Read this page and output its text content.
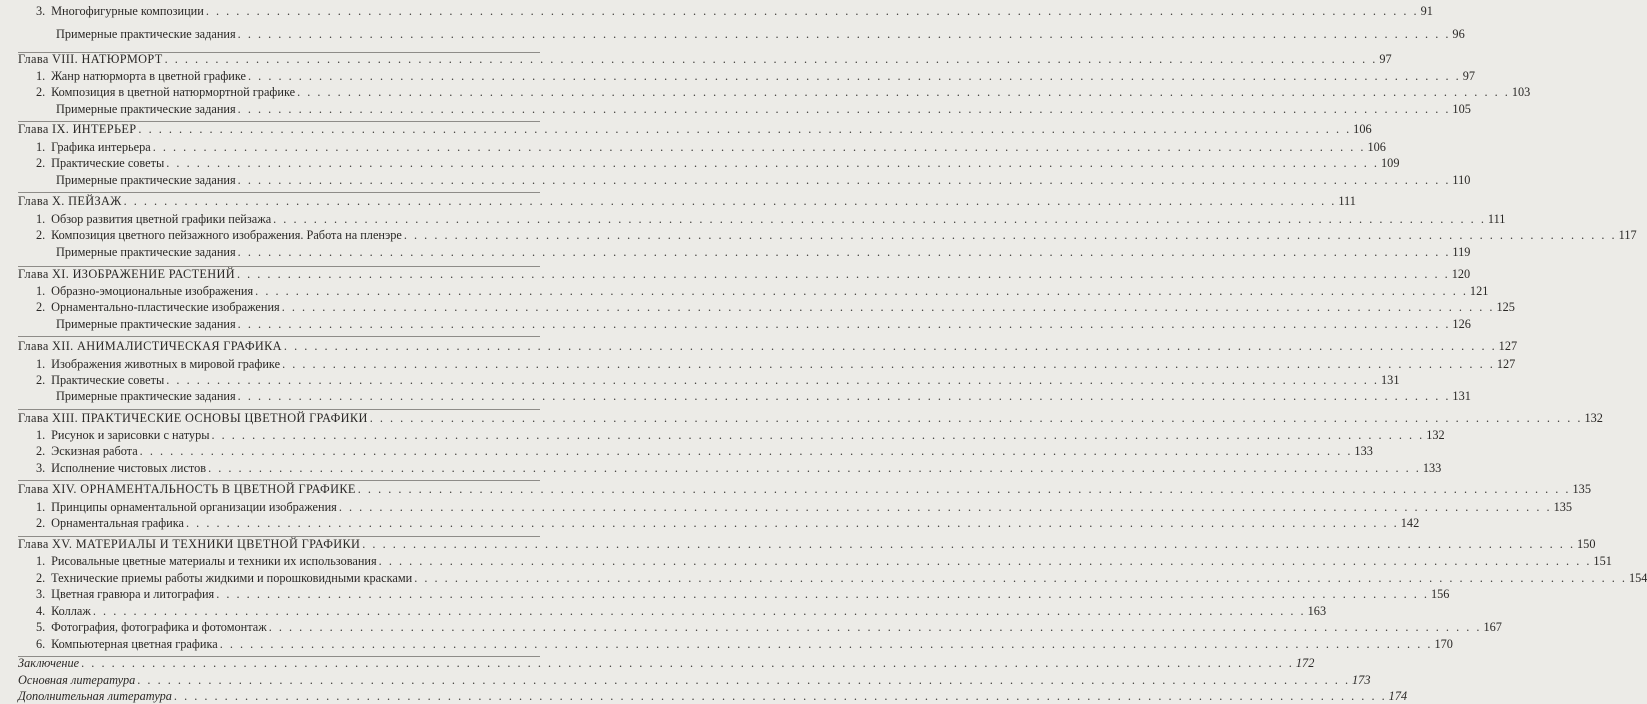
3. Многофигурные композиции . . . . . . . . . . . . . . . . . . . . . . . . . . . . . . . . . . . . . . . . . . . . . . . . . . . . . . . . . . . . . . . . . . . . . . . . . . . . . . . . . . . . . . . . . . . . . . . . . . . . . . . . . . . . . . . . . . . . . . . . 91
Примерные практические задания . . . . . . . . . . . . . . . . . . . . . . . . . . . . . . . . . . . . . . . . . . . . . . . . . . . . . . . . . . . . . . . . . . . . . . . . . . . . . . . . . . . . . . . . . . . . . . . . . . . . . . . . . . . . . . . . . . . . . . . . 96
Глава VIII. НАТЮРМОРТ . . . . . . . . . . . . . . . . . . . . . . . . . . . . . . . . . . . . . . . . . . . . . . . . . . . . . . . . . . . . . . . . . . . . . . . . . . . . . . . . . . . . . . . . . . . . . . . . . . . . . . . . . . . . . . . . . . . . . . . . 97
1. Жанр натюрморта в цветной графике . . . . . . . . . . . . . . . . . . . . . . . . . . . . . . . . . . . . . . . . . . . . . . . . . . . . . . . . . . . . . . . . . . . . . . . . . . . . . . . . . . . . . . . . . . . . . . . . . . . . . . . . . . . . . . . . . . . . . . . . 97
2. Композиция в цветной натюрмортной графике . . . . . . . . . . . . . . . . . . . . . . . . . . . . . . . . . . . . . . . . . . . . . . . . . . . . . . . . . . . . . . . . . . . . . . . . . . . . . . . . . . . . . . . . . . . . . . . . . . . . . . . . . . . . . . . . . . . . . . . . 103
Примерные практические задания . . . . . . . . . . . . . . . . . . . . . . . . . . . . . . . . . . . . . . . . . . . . . . . . . . . . . . . . . . . . . . . . . . . . . . . . . . . . . . . . . . . . . . . . . . . . . . . . . . . . . . . . . . . . . . . . . . . . . . . . 105
Глава IX. ИНТЕРЬЕР . . . . . . . . . . . . . . . . . . . . . . . . . . . . . . . . . . . . . . . . . . . . . . . . . . . . . . . . . . . . . . . . . . . . . . . . . . . . . . . . . . . . . . . . . . . . . . . . . . . . . . . . . . . . . . . . . . . . . . . . 106
1. Графика интерьера . . . . . . . . . . . . . . . . . . . . . . . . . . . . . . . . . . . . . . . . . . . . . . . . . . . . . . . . . . . . . . . . . . . . . . . . . . . . . . . . . . . . . . . . . . . . . . . . . . . . . . . . . . . . . . . . . . . . . . . . 106
2. Практические советы . . . . . . . . . . . . . . . . . . . . . . . . . . . . . . . . . . . . . . . . . . . . . . . . . . . . . . . . . . . . . . . . . . . . . . . . . . . . . . . . . . . . . . . . . . . . . . . . . . . . . . . . . . . . . . . . . . . . . . . . 109
Примерные практические задания . . . . . . . . . . . . . . . . . . . . . . . . . . . . . . . . . . . . . . . . . . . . . . . . . . . . . . . . . . . . . . . . . . . . . . . . . . . . . . . . . . . . . . . . . . . . . . . . . . . . . . . . . . . . . . . . . . . . . . . . 110
Глава X. ПЕЙЗАЖ . . . . . . . . . . . . . . . . . . . . . . . . . . . . . . . . . . . . . . . . . . . . . . . . . . . . . . . . . . . . . . . . . . . . . . . . . . . . . . . . . . . . . . . . . . . . . . . . . . . . . . . . . . . . . . . . . . . . . . . . 111
1. Обзор развития цветной графики пейзажа . . . . . . . . . . . . . . . . . . . . . . . . . . . . . . . . . . . . . . . . . . . . . . . . . . . . . . . . . . . . . . . . . . . . . . . . . . . . . . . . . . . . . . . . . . . . . . . . . . . . . . . . . . . . . . . . . . . . . . . . 111
2. Композиция цветного пейзажного изображения. Работа на пленэре . . . . . . . . . . . . . . . . . . . . . . . . . . . . . . . . . . . . . . . . . . . . . . . . . . . . . . . . . . . . . . . . . . . . . . . . . . . . . . . . . . . . . . . . . . . . . . . . . . . . . . . . . . . . . . . . . . . . . . . . 117
Примерные практические задания . . . . . . . . . . . . . . . . . . . . . . . . . . . . . . . . . . . . . . . . . . . . . . . . . . . . . . . . . . . . . . . . . . . . . . . . . . . . . . . . . . . . . . . . . . . . . . . . . . . . . . . . . . . . . . . . . . . . . . . . 119
Глава XI. ИЗОБРАЖЕНИЕ РАСТЕНИЙ . . . . . . . . . . . . . . . . . . . . . . . . . . . . . . . . . . . . . . . . . . . . . . . . . . . . . . . . . . . . . . . . . . . . . . . . . . . . . . . . . . . . . . . . . . . . . . . . . . . . . . . . . . . . . . . . . . . . . . . . 120
1. Образно-эмоциональные изображения . . . . . . . . . . . . . . . . . . . . . . . . . . . . . . . . . . . . . . . . . . . . . . . . . . . . . . . . . . . . . . . . . . . . . . . . . . . . . . . . . . . . . . . . . . . . . . . . . . . . . . . . . . . . . . . . . . . . . . . . 121
2. Орнаментально-пластические изображения . . . . . . . . . . . . . . . . . . . . . . . . . . . . . . . . . . . . . . . . . . . . . . . . . . . . . . . . . . . . . . . . . . . . . . . . . . . . . . . . . . . . . . . . . . . . . . . . . . . . . . . . . . . . . . . . . . . . . . . . 125
Примерные практические задания . . . . . . . . . . . . . . . . . . . . . . . . . . . . . . . . . . . . . . . . . . . . . . . . . . . . . . . . . . . . . . . . . . . . . . . . . . . . . . . . . . . . . . . . . . . . . . . . . . . . . . . . . . . . . . . . . . . . . . . . 126
Глава XII. АНИМАЛИСТИЧЕСКАЯ ГРАФИКА . . . . . . . . . . . . . . . . . . . . . . . . . . . . . . . . . . . . . . . . . . . . . . . . . . . . . . . . . . . . . . . . . . . . . . . . . . . . . . . . . . . . . . . . . . . . . . . . . . . . . . . . . . . . . . . . . . . . . . . . 127
1. Изображения животных в мировой графике . . . . . . . . . . . . . . . . . . . . . . . . . . . . . . . . . . . . . . . . . . . . . . . . . . . . . . . . . . . . . . . . . . . . . . . . . . . . . . . . . . . . . . . . . . . . . . . . . . . . . . . . . . . . . . . . . . . . . . . . 127
2. Практические советы . . . . . . . . . . . . . . . . . . . . . . . . . . . . . . . . . . . . . . . . . . . . . . . . . . . . . . . . . . . . . . . . . . . . . . . . . . . . . . . . . . . . . . . . . . . . . . . . . . . . . . . . . . . . . . . . . . . . . . . . 131
Примерные практические задания . . . . . . . . . . . . . . . . . . . . . . . . . . . . . . . . . . . . . . . . . . . . . . . . . . . . . . . . . . . . . . . . . . . . . . . . . . . . . . . . . . . . . . . . . . . . . . . . . . . . . . . . . . . . . . . . . . . . . . . . 131
Глава XIII. ПРАКТИЧЕСКИЕ ОСНОВЫ ЦВЕТНОЙ ГРАФИКИ . . . . . . . . . . . . . . . . . . . . . . . . . . . . . . . . . . . . . . . . . . . . . . . . . . . . . . . . . . . . . . . . . . . . . . . . . . . . . . . . . . . . . . . . . . . . . . . . . . . . . . . . . . . . . . . . . . . . . . . . 132
1. Рисунок и зарисовки с натуры . . . . . . . . . . . . . . . . . . . . . . . . . . . . . . . . . . . . . . . . . . . . . . . . . . . . . . . . . . . . . . . . . . . . . . . . . . . . . . . . . . . . . . . . . . . . . . . . . . . . . . . . . . . . . . . . . . . . . . . . 132
2. Эскизная работа . . . . . . . . . . . . . . . . . . . . . . . . . . . . . . . . . . . . . . . . . . . . . . . . . . . . . . . . . . . . . . . . . . . . . . . . . . . . . . . . . . . . . . . . . . . . . . . . . . . . . . . . . . . . . . . . . . . . . . . . 133
3. Исполнение чистовых листов . . . . . . . . . . . . . . . . . . . . . . . . . . . . . . . . . . . . . . . . . . . . . . . . . . . . . . . . . . . . . . . . . . . . . . . . . . . . . . . . . . . . . . . . . . . . . . . . . . . . . . . . . . . . . . . . . . . . . . . . 133
Глава XIV. ОРНАМЕНТАЛЬНОСТЬ В ЦВЕТНОЙ ГРАФИКЕ . . . . . . . . . . . . . . . . . . . . . . . . . . . . . . . . . . . . . . . . . . . . . . . . . . . . . . . . . . . . . . . . . . . . . . . . . . . . . . . . . . . . . . . . . . . . . . . . . . . . . . . . . . . . . . . . . . . . . . . . 135
1. Принципы орнаментальной организации изображения . . . . . . . . . . . . . . . . . . . . . . . . . . . . . . . . . . . . . . . . . . . . . . . . . . . . . . . . . . . . . . . . . . . . . . . . . . . . . . . . . . . . . . . . . . . . . . . . . . . . . . . . . . . . . . . . . . . . . . . . 135
2. Орнаментальная графика . . . . . . . . . . . . . . . . . . . . . . . . . . . . . . . . . . . . . . . . . . . . . . . . . . . . . . . . . . . . . . . . . . . . . . . . . . . . . . . . . . . . . . . . . . . . . . . . . . . . . . . . . . . . . . . . . . . . . . . . 142
Глава XV. МАТЕРИАЛЫ И ТЕХНИКИ ЦВЕТНОЙ ГРАФИКИ . . . . . . . . . . . . . . . . . . . . . . . . . . . . . . . . . . . . . . . . . . . . . . . . . . . . . . . . . . . . . . . . . . . . . . . . . . . . . . . . . . . . . . . . . . . . . . . . . . . . . . . . . . . . . . . . . . . . . . . . 150
1. Рисовальные цветные материалы и техники их использования . . . . . . . . . . . . . . . . . . . . . . . . . . . . . . . . . . . . . . . . . . . . . . . . . . . . . . . . . . . . . . . . . . . . . . . . . . . . . . . . . . . . . . . . . . . . . . . . . . . . . . . . . . . . . . . . . . . . . . . . 151
2. Технические приемы работы жидкими и порошковидными красками . . . . . . . . . . . . . . . . . . . . . . . . . . . . . . . . . . . . . . . . . . . . . . . . . . . . . . . . . . . . . . . . . . . . . . . . . . . . . . . . . . . . . . . . . . . . . . . . . . . . . . . . . . . . . . . . . . . . . . . . 154
3. Цветная гравюра и литография . . . . . . . . . . . . . . . . . . . . . . . . . . . . . . . . . . . . . . . . . . . . . . . . . . . . . . . . . . . . . . . . . . . . . . . . . . . . . . . . . . . . . . . . . . . . . . . . . . . . . . . . . . . . . . . . . . . . . . . . 156
4. Коллаж . . . . . . . . . . . . . . . . . . . . . . . . . . . . . . . . . . . . . . . . . . . . . . . . . . . . . . . . . . . . . . . . . . . . . . . . . . . . . . . . . . . . . . . . . . . . . . . . . . . . . . . . . . . . . . . . . . . . . . . . 163
5. Фотография, фотографика и фотомонтаж . . . . . . . . . . . . . . . . . . . . . . . . . . . . . . . . . . . . . . . . . . . . . . . . . . . . . . . . . . . . . . . . . . . . . . . . . . . . . . . . . . . . . . . . . . . . . . . . . . . . . . . . . . . . . . . . . . . . . . . . 167
6. Компьютерная цветная графика . . . . . . . . . . . . . . . . . . . . . . . . . . . . . . . . . . . . . . . . . . . . . . . . . . . . . . . . . . . . . . . . . . . . . . . . . . . . . . . . . . . . . . . . . . . . . . . . . . . . . . . . . . . . . . . . . . . . . . . . 170
Заключение . . . . . . . . . . . . . . . . . . . . . . . . . . . . . . . . . . . . . . . . . . . . . . . . . . . . . . . . . . . . . . . . . . . . . . . . . . . . . . . . . . . . . . . . . . . . . . . . . . . . . . . . . . . . . . . . . . . . . . . . 172
Основная литература . . . . . . . . . . . . . . . . . . . . . . . . . . . . . . . . . . . . . . . . . . . . . . . . . . . . . . . . . . . . . . . . . . . . . . . . . . . . . . . . . . . . . . . . . . . . . . . . . . . . . . . . . . . . . . . . . . . . . . . . 173
Дополнительная литература . . . . . . . . . . . . . . . . . . . . . . . . . . . . . . . . . . . . . . . . . . . . . . . . . . . . . . . . . . . . . . . . . . . . . . . . . . . . . . . . . . . . . . . . . . . . . . . . . . . . . . . . . . . . . . . . . . . . . . . . 174
